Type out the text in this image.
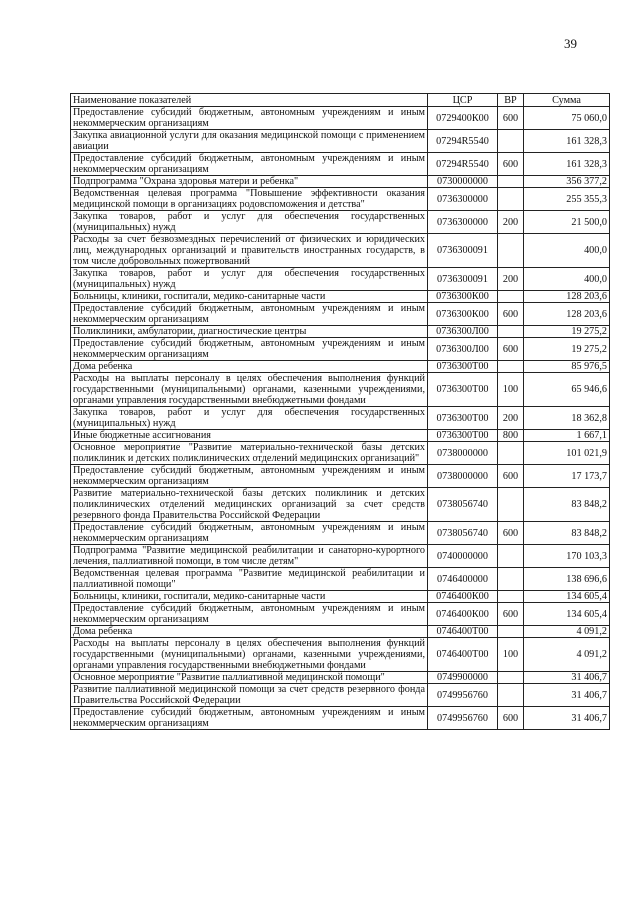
39
Наименование показателей	ЦСР	ВР	Сумма
Предоставление субсидий бюджетным, автономным учреждениям и иным некоммерческим организациям	0729400К00	600	75 060,0
Закупка авиационной услуги для оказания медицинской помощи с применением авиации	07294R5540		161 328,3
Предоставление субсидий бюджетным, автономным учреждениям и иным некоммерческим организациям	07294R5540	600	161 328,3
Подпрограмма "Охрана здоровья матери и ребенка"	0730000000		356 377,2
Ведомственная целевая программа "Повышение эффективности оказания медицинской помощи в организациях родовспоможения и детства"	0736300000		255 355,3
Закупка товаров, работ и услуг для обеспечения государственных (муниципальных) нужд	0736300000	200	21 500,0
Расходы за счет безвозмездных перечислений от физических и юридических лиц, международных организаций и правительств иностранных государств, в том числе добровольных пожертвований	0736300091		400,0
Закупка товаров, работ и услуг для обеспечения государственных (муниципальных) нужд	0736300091	200	400,0
Больницы, клиники, госпитали, медико-санитарные части	0736300К00		128 203,6
Предоставление субсидий бюджетным, автономным учреждениям и иным некоммерческим организациям	0736300К00	600	128 203,6
Поликлиники, амбулатории, диагностические центры	0736300Л00		19 275,2
Предоставление субсидий бюджетным, автономным учреждениям и иным некоммерческим организациям	0736300Л00	600	19 275,2
Дома ребенка	0736300Т00		85 976,5
Расходы на выплаты персоналу в целях обеспечения выполнения функций государственными (муниципальными) органами, казенными учреждениями, органами управления государственными внебюджетными фондами	0736300Т00	100	65 946,6
Закупка товаров, работ и услуг для обеспечения государственных (муниципальных) нужд	0736300Т00	200	18 362,8
Иные бюджетные ассигнования	0736300Т00	800	1 667,1
Основное мероприятие "Развитие материально-технической базы детских поликлиник и детских поликлинических отделений медицинских организаций"	0738000000		101 021,9
Предоставление субсидий бюджетным, автономным учреждениям и иным некоммерческим организациям	0738000000	600	17 173,7
Развитие материально-технической базы детских поликлиник и детских поликлинических отделений медицинских организаций за счет средств резервного фонда Правительства Российской Федерации	0738056740		83 848,2
Предоставление субсидий бюджетным, автономным учреждениям и иным некоммерческим организациям	0738056740	600	83 848,2
Подпрограмма "Развитие медицинской реабилитации и санаторно-курортного лечения, паллиативной помощи, в том числе детям"	0740000000		170 103,3
Ведомственная целевая программа "Развитие медицинской реабилитации и паллиативной помощи"	0746400000		138 696,6
Больницы, клиники, госпитали, медико-санитарные части	0746400К00		134 605,4
Предоставление субсидий бюджетным, автономным учреждениям и иным некоммерческим организациям	0746400К00	600	134 605,4
Дома ребенка	0746400Т00		4 091,2
Расходы на выплаты персоналу в целях обеспечения выполнения функций государственными (муниципальными) органами, казенными учреждениями, органами управления государственными внебюджетными фондами	0746400Т00	100	4 091,2
Основное мероприятие "Развитие паллиативной медицинской помощи"	0749900000		31 406,7
Развитие паллиативной медицинской помощи за счет средств резервного фонда Правительства Российской Федерации	0749956760		31 406,7
Предоставление субсидий бюджетным, автономным учреждениям и иным некоммерческим организациям	0749956760	600	31 406,7
